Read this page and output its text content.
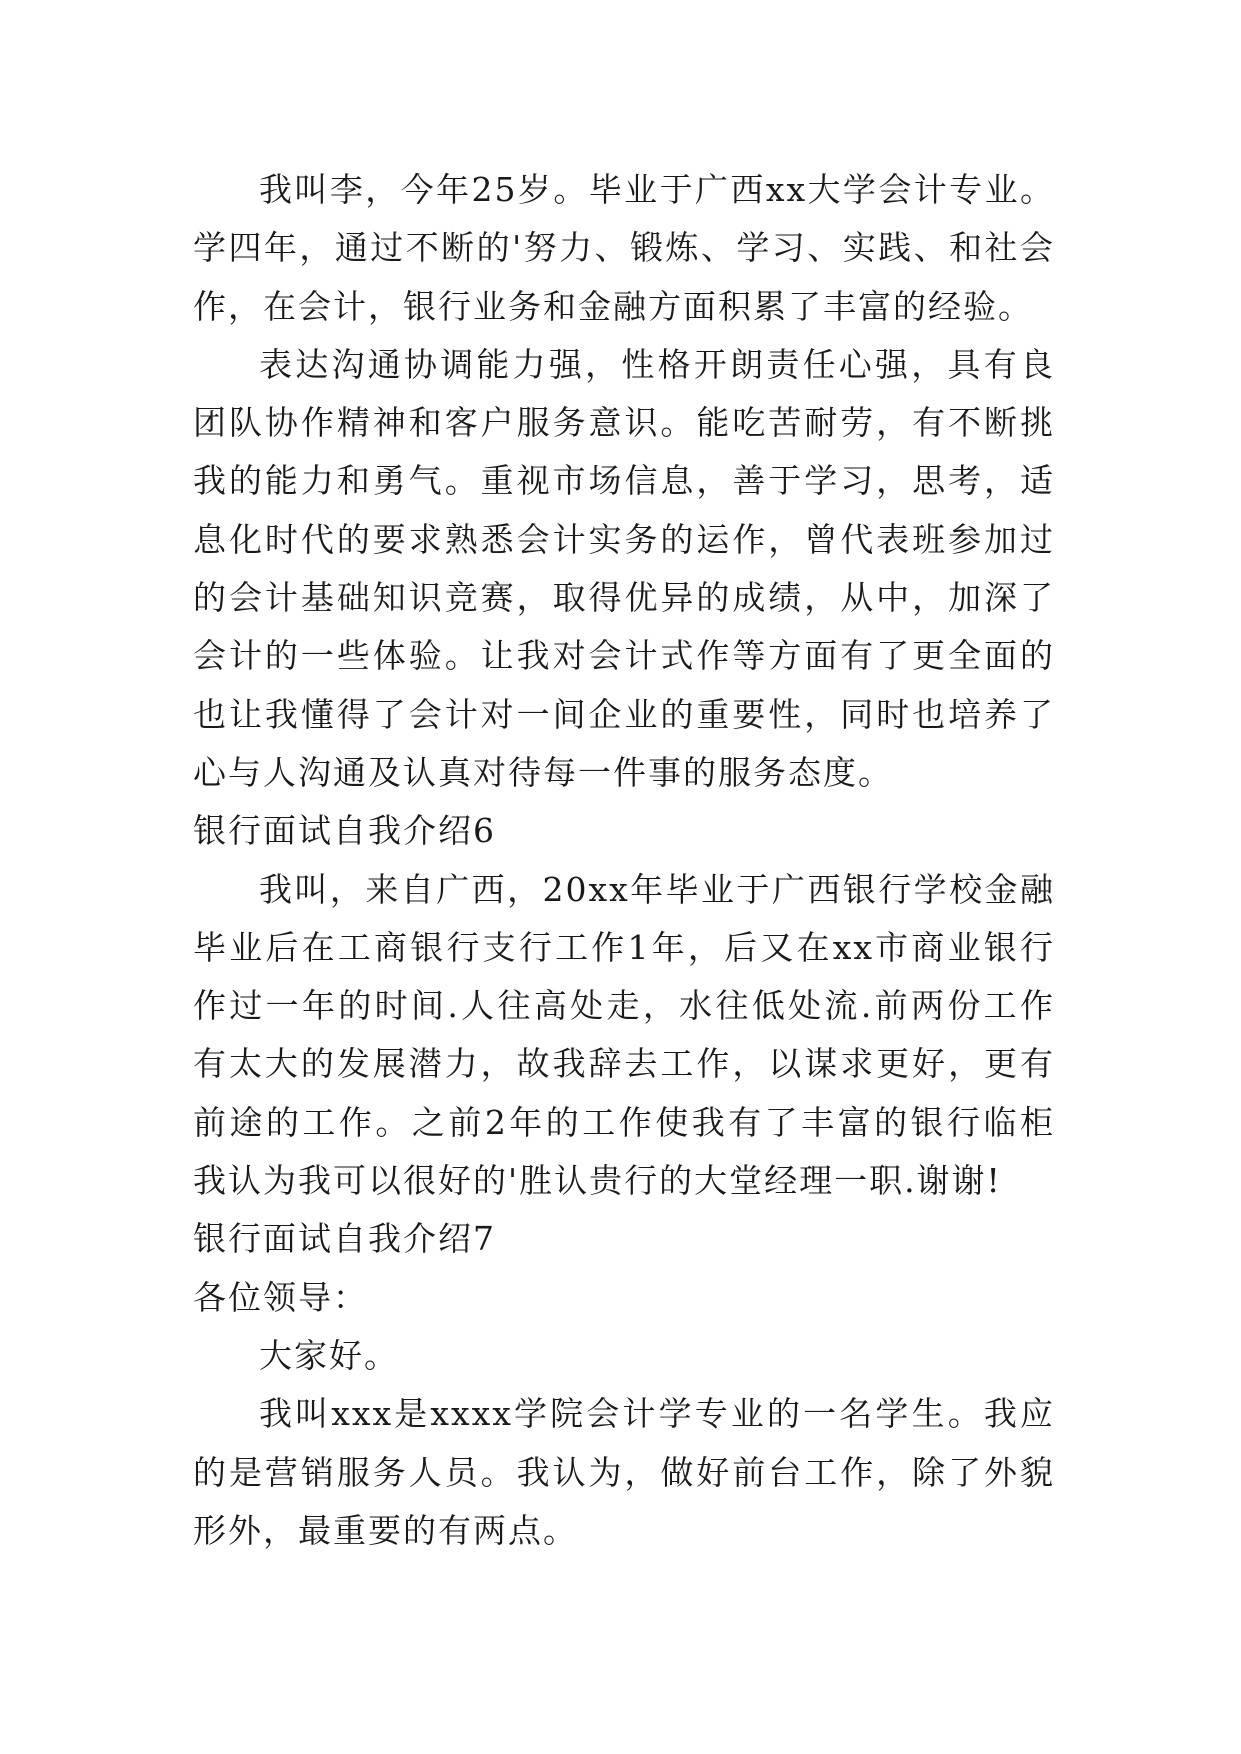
我叫李，今年25岁。毕业于广西xx大学会计专业。
学四年，通过不断的'努力、锻炼、学习、实践、和社会
作，在会计，银行业务和金融方面积累了丰富的经验。
表达沟通协调能力强，性格开朗责任心强，具有良
团队协作精神和客户服务意识。能吃苦耐劳，有不断挑
我的能力和勇气。重视市场信息，善于学习，思考，适
息化时代的要求熟悉会计实务的运作，曾代表班参加过
的会计基础知识竞赛，取得优异的成绩，从中，加深了
会计的一些体验。让我对会计式作等方面有了更全面的
也让我懂得了会计对一间企业的重要性，同时也培养了
心与人沟通及认真对待每一件事的服务态度。
银行面试自我介绍6
我叫，来自广西，20xx年毕业于广西银行学校金融
毕业后在工商银行支行工作1年，后又在xx市商业银行
作过一年的时间.人往高处走，水往低处流.前两份工作
有太大的发展潜力，故我辞去工作，以谋求更好，更有
前途的工作。之前2年的工作使我有了丰富的银行临柜
我认为我可以很好的'胜认贵行的大堂经理一职.谢谢!
银行面试自我介绍7
各位领导：
大家好。
我叫xxx是xxxx学院会计学专业的一名学生。我应
的是营销服务人员。我认为，做好前台工作，除了外貌
形外，最重要的有两点。
